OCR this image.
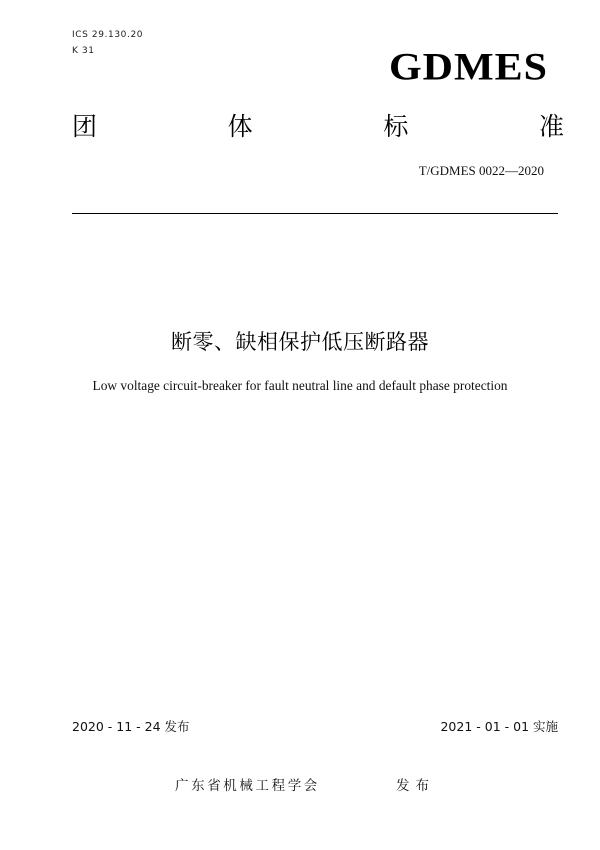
ICS 29.130.20
K 31	GDMES
团	体	标	准
T/GDMES 0022—2020
断零、缺相保护低压断路器
Low voltage circuit-breaker for fault neutral line and default phase protection
2020 - 11 - 24 发布	2021 - 01 - 01 实施
广东省机械工程学会	发布
